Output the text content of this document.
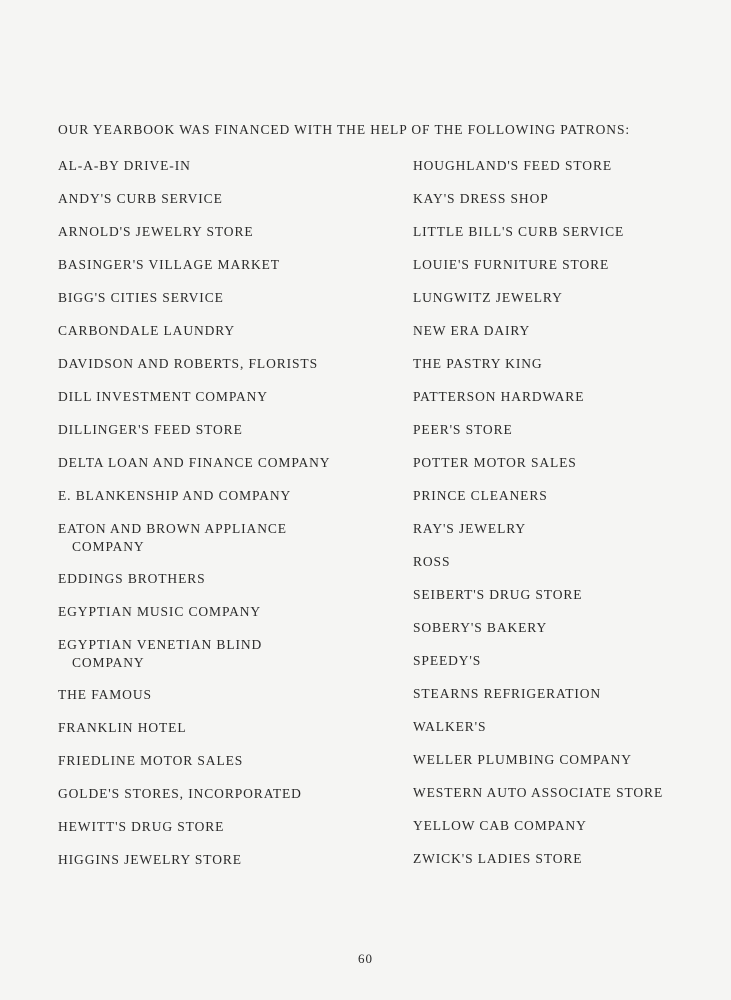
OUR YEARBOOK WAS FINANCED WITH THE HELP OF THE FOLLOWING PATRONS:
AL-A-BY DRIVE-IN
ANDY'S CURB SERVICE
ARNOLD'S JEWELRY STORE
BASINGER'S VILLAGE MARKET
BIGG'S CITIES SERVICE
CARBONDALE LAUNDRY
DAVIDSON AND ROBERTS, FLORISTS
DILL INVESTMENT COMPANY
DILLINGER'S FEED STORE
DELTA LOAN AND FINANCE COMPANY
E. BLANKENSHIP AND COMPANY
EATON AND BROWN APPLIANCE
COMPANY
EDDINGS BROTHERS
EGYPTIAN MUSIC COMPANY
EGYPTIAN VENETIAN BLIND
COMPANY
THE FAMOUS
FRANKLIN HOTEL
FRIEDLINE MOTOR SALES
GOLDE'S STORES, INCORPORATED
HEWITT'S DRUG STORE
HIGGINS JEWELRY STORE
HOUGHLAND'S FEED STORE
KAY'S DRESS SHOP
LITTLE BILL'S CURB SERVICE
LOUIE'S FURNITURE STORE
LUNGWITZ JEWELRY
NEW ERA DAIRY
THE PASTRY KING
PATTERSON HARDWARE
PEER'S STORE
POTTER MOTOR SALES
PRINCE CLEANERS
RAY'S JEWELRY
ROSS
SEIBERT'S DRUG STORE
SOBERY'S BAKERY
SPEEDY'S
STEARNS REFRIGERATION
WALKER'S
WELLER PLUMBING COMPANY
WESTERN AUTO ASSOCIATE STORE
YELLOW CAB COMPANY
ZWICK'S LADIES STORE
60
